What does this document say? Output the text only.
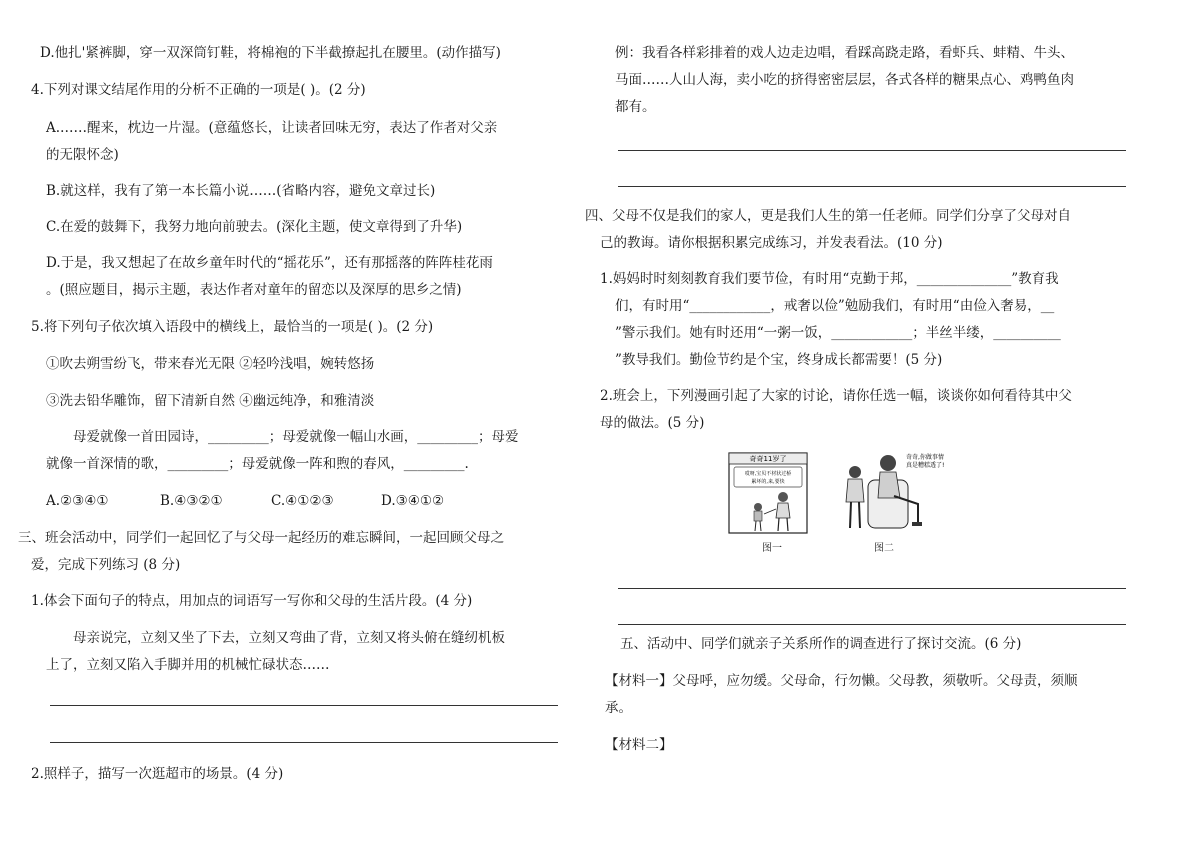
D.他扎'紧裤脚，穿一双深筒钉鞋，将棉袍的下半截撩起扎在腰里。(动作描写)
4.下列对课文结尾作用的分析不正确的一项是( )。(2 分)
A.……醒来，枕边一片湿。(意蕴悠长，让读者回味无穷，表达了作者对父亲
的无限怀念)
B.就这样，我有了第一本长篇小说……(省略内容，避免文章过长)
C.在爱的鼓舞下，我努力地向前驶去。(深化主题，使文章得到了升华)
D.于是，我又想起了在故乡童年时代的“摇花乐”，还有那摇落的阵阵桂花雨
。(照应题目，揭示主题，表达作者对童年的留恋以及深厚的思乡之情)
5.将下列句子依次填入语段中的横线上，最恰当的一项是( )。(2 分)
①吹去朔雪纷飞，带来春光无限 ②轻吟浅唱，婉转悠扬
③洗去铅华雕饰，留下清新自然 ④幽远纯净，和雅清淡
母爱就像一首田园诗，_________；母爱就像一幅山水画，_________；母爱
就像一首深情的歌，_________；母爱就像一阵和煦的春风，_________.
A.②③④①	B.④③②①	C.④①②③	D.③④①②
三、班会活动中，同学们一起回忆了与父母一起经历的难忘瞬间，一起回顾父母之
爱，完成下列练习 (8 分)
1.体会下面句子的特点，用加点的词语写一写你和父母的生活片段。(4 分)
母亲说完，立刻又坐了下去，立刻又弯曲了背，立刻又将头俯在缝纫机板
上了，立刻又陷入手脚并用的机械忙碌状态……
2.照样子，描写一次逛超市的场景。(4 分)
例：我看各样彩排着的戏人边走边唱，看踩高跷走路，看虾兵、蚌精、牛头、
马面……人山人海，卖小吃的挤得密密层层，各式各样的糖果点心、鸡鸭鱼肉
都有。
四、父母不仅是我们的家人，更是我们人生的第一任老师。同学们分享了父母对自
己的教诲。请你根据积累完成练习，并发表看法。(10 分)
1.妈妈时时刻刻教育我们要节俭，有时用“克勤于邦，______________”教育我
们，有时用“____________，戒奢以俭”勉励我们，有时用“由俭入奢易，__
”警示我们。她有时还用“一粥一饭，____________；半丝半缕，__________
”教导我们。勤俭节约是个宝，终身成长都需要！(5 分)
2.班会上，下列漫画引起了大家的讨论，请你任选一幅，谈谈你如何看待其中父
母的做法。(5 分)
奇奇11岁了
哎呀,宝贝不材状过桥
累坏的,来,要快
图一
奇奇,你做事情
真是糟糕透了!
图二
五、活动中、同学们就亲子关系所作的调查进行了探讨交流。(6 分)
【材料一】父母呼，应勿缓。父母命，行勿懒。父母教，须敬听。父母责，须顺
承。
【材料二】
